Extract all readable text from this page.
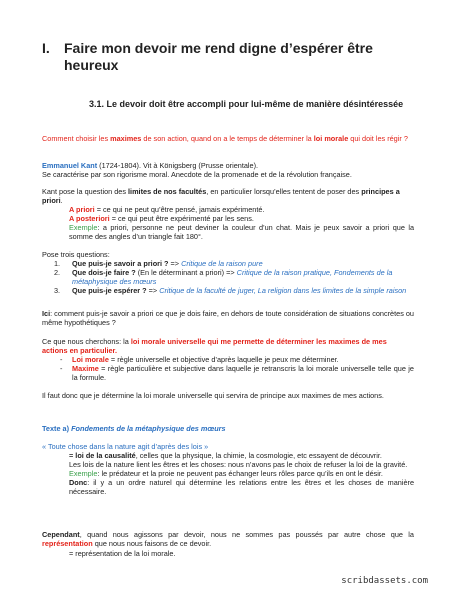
I. Faire mon devoir me rend digne d’espérer être heureux
3.1. Le devoir doit être accompli pour lui-même de manière désintéressée
Comment choisir les maximes de son action, quand on a le temps de déterminer la loi morale qui doit les régir ?
Emmanuel Kant (1724-1804). Vit à Königsberg (Prusse orientale).
Se caractérise par son rigorisme moral. Anecdote de la promenade et de la révolution française.
Kant pose la question des limites de nos facultés, en particulier lorsqu’elles tentent de poser des principes a priori.
A priori = ce qui ne peut qu’être pensé, jamais expérimenté.
A posteriori = ce qui peut être expérimenté par les sens.
Exemple: a priori, personne ne peut deviner la couleur d’un chat. Mais je peux savoir a priori que la somme des angles d’un triangle fait 180°.
Pose trois questions:
1. Que puis-je savoir a priori ? => Critique de la raison pure
2. Que dois-je faire ? (En le déterminant a priori) => Critique de la raison pratique, Fondements de la métaphysique des mœurs
3. Que puis-je espérer ? => Critique de la faculté de juger, La religion dans les limites de la simple raison
Ici: comment puis-je savoir a priori ce que je dois faire, en dehors de toute considération de situations concrètes ou même hypothétiques ?
Ce que nous cherchons: la loi morale universelle qui me permette de déterminer les maximes de mes actions en particulier.
- Loi morale = règle universelle et objective d’après laquelle je peux me déterminer.
- Maxime = règle particulière et subjective dans laquelle je retranscris la loi morale universelle telle que je la formule.
Il faut donc que je détermine la loi morale universelle qui servira de principe aux maximes de mes actions.
Texte a) Fondements de la métaphysique des mœurs
« Toute chose dans la nature agit d’après des lois »
= loi de la causalité, celles que la physique, la chimie, la cosmologie, etc essayent de découvrir.
Les lois de la nature lient les êtres et les choses: nous n’avons pas le choix de refuser la loi de la gravité.
Exemple: le prédateur et la proie ne peuvent pas échanger leurs rôles parce qu’ils en ont le désir.
Donc: il y a un ordre naturel qui détermine les relations entre les êtres et les choses de manière nécessaire.
Cependant, quand nous agissons par devoir, nous ne sommes pas poussés par autre chose que la représentation que nous nous faisons de ce devoir.
= représentation de la loi morale.
scribdassets.com
